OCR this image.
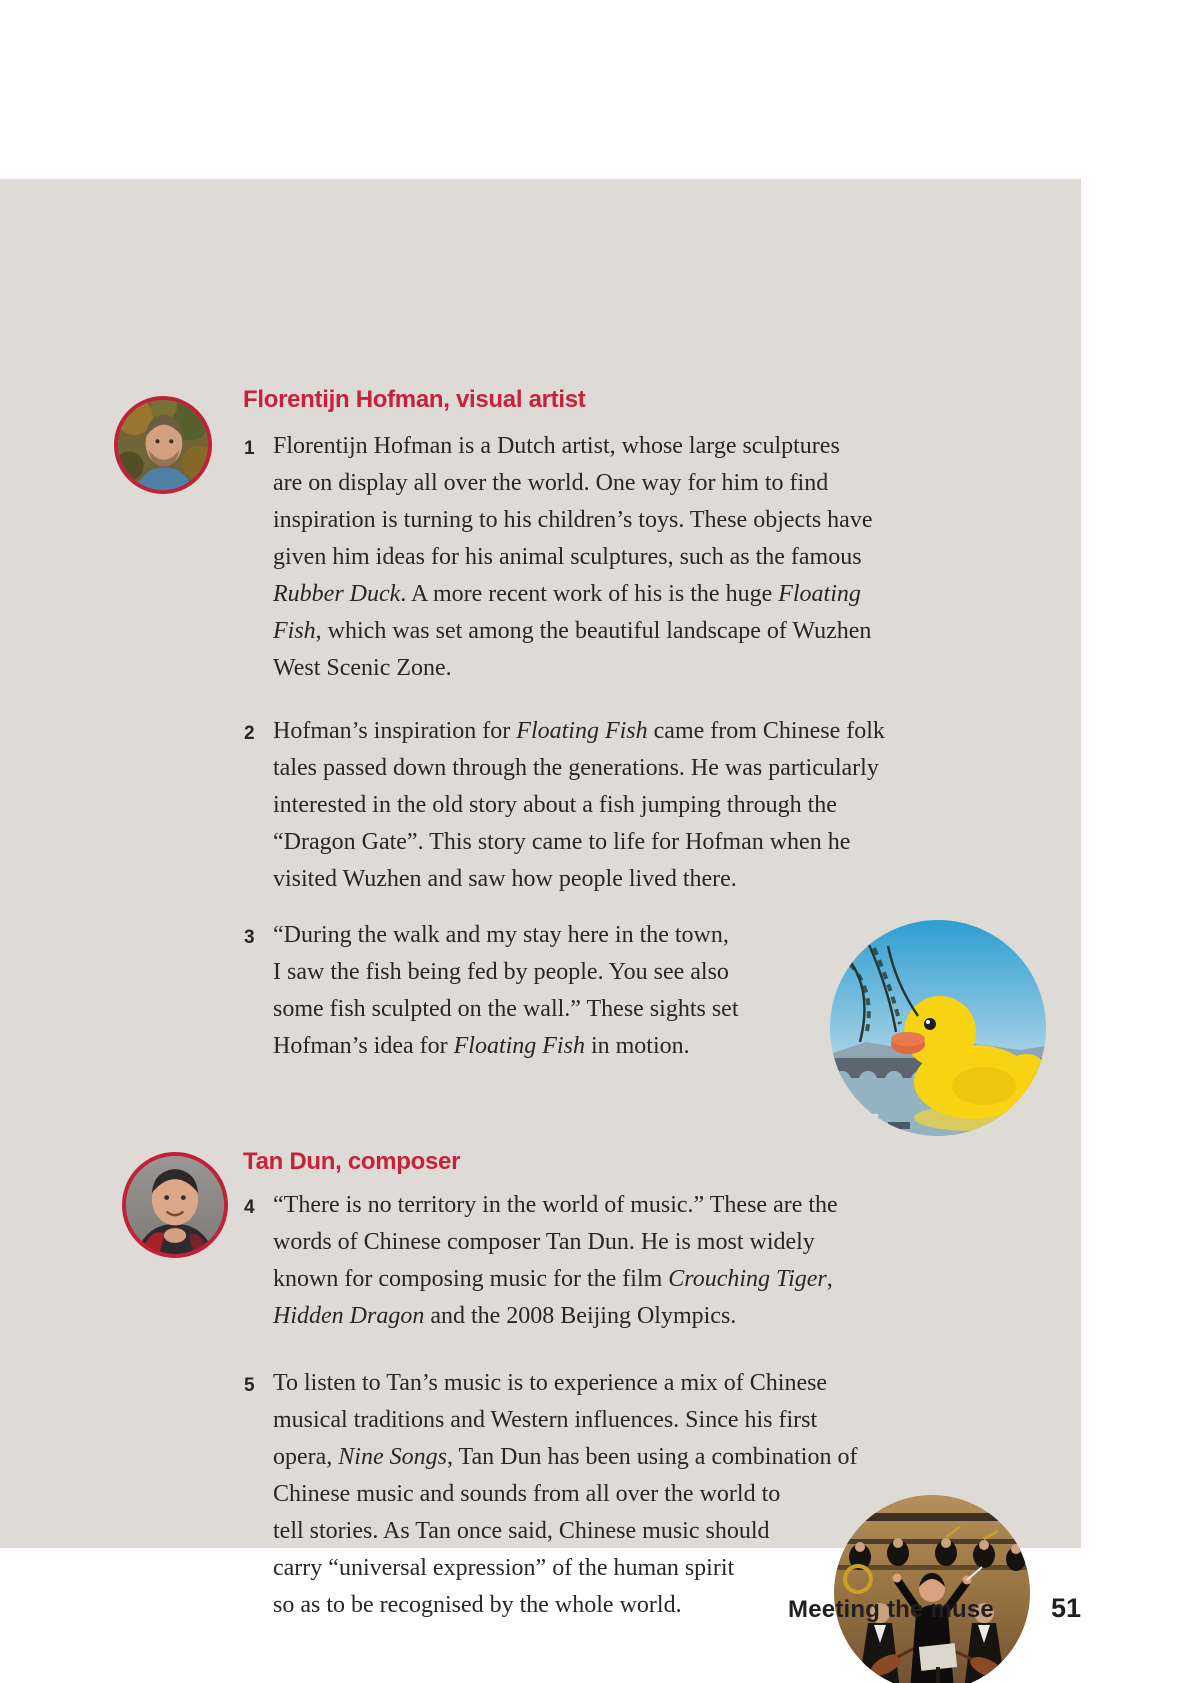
Florentijn Hofman, visual artist
1 Florentijn Hofman is a Dutch artist, whose large sculptures
are on display all over the world. One way for him to find
inspiration is turning to his children’s toys. These objects have
given him ideas for his animal sculptures, such as the famous
Rubber Duck. A more recent work of his is the huge Floating
Fish, which was set among the beautiful landscape of Wuzhen
West Scenic Zone.
2 Hofman’s inspiration for Floating Fish came from Chinese folk
tales passed down through the generations. He was particularly
interested in the old story about a fish jumping through the
“Dragon Gate”. This story came to life for Hofman when he
visited Wuzhen and saw how people lived there.
3 “During the walk and my stay here in the town,
I saw the fish being fed by people. You see also
some fish sculpted on the wall.” These sights set
Hofman’s idea for Floating Fish in motion.
Tan Dun, composer
4 “There is no territory in the world of music.” These are the
words of Chinese composer Tan Dun. He is most widely
known for composing music for the film Crouching Tiger,
Hidden Dragon and the 2008 Beijing Olympics.
5 To listen to Tan’s music is to experience a mix of Chinese
musical traditions and Western influences. Since his first
opera, Nine Songs, Tan Dun has been using a combination of
Chinese music and sounds from all over the world to
tell stories. As Tan once said, Chinese music should
carry “universal expression” of the human spirit
so as to be recognised by the whole world.	Meeting the muse 51
